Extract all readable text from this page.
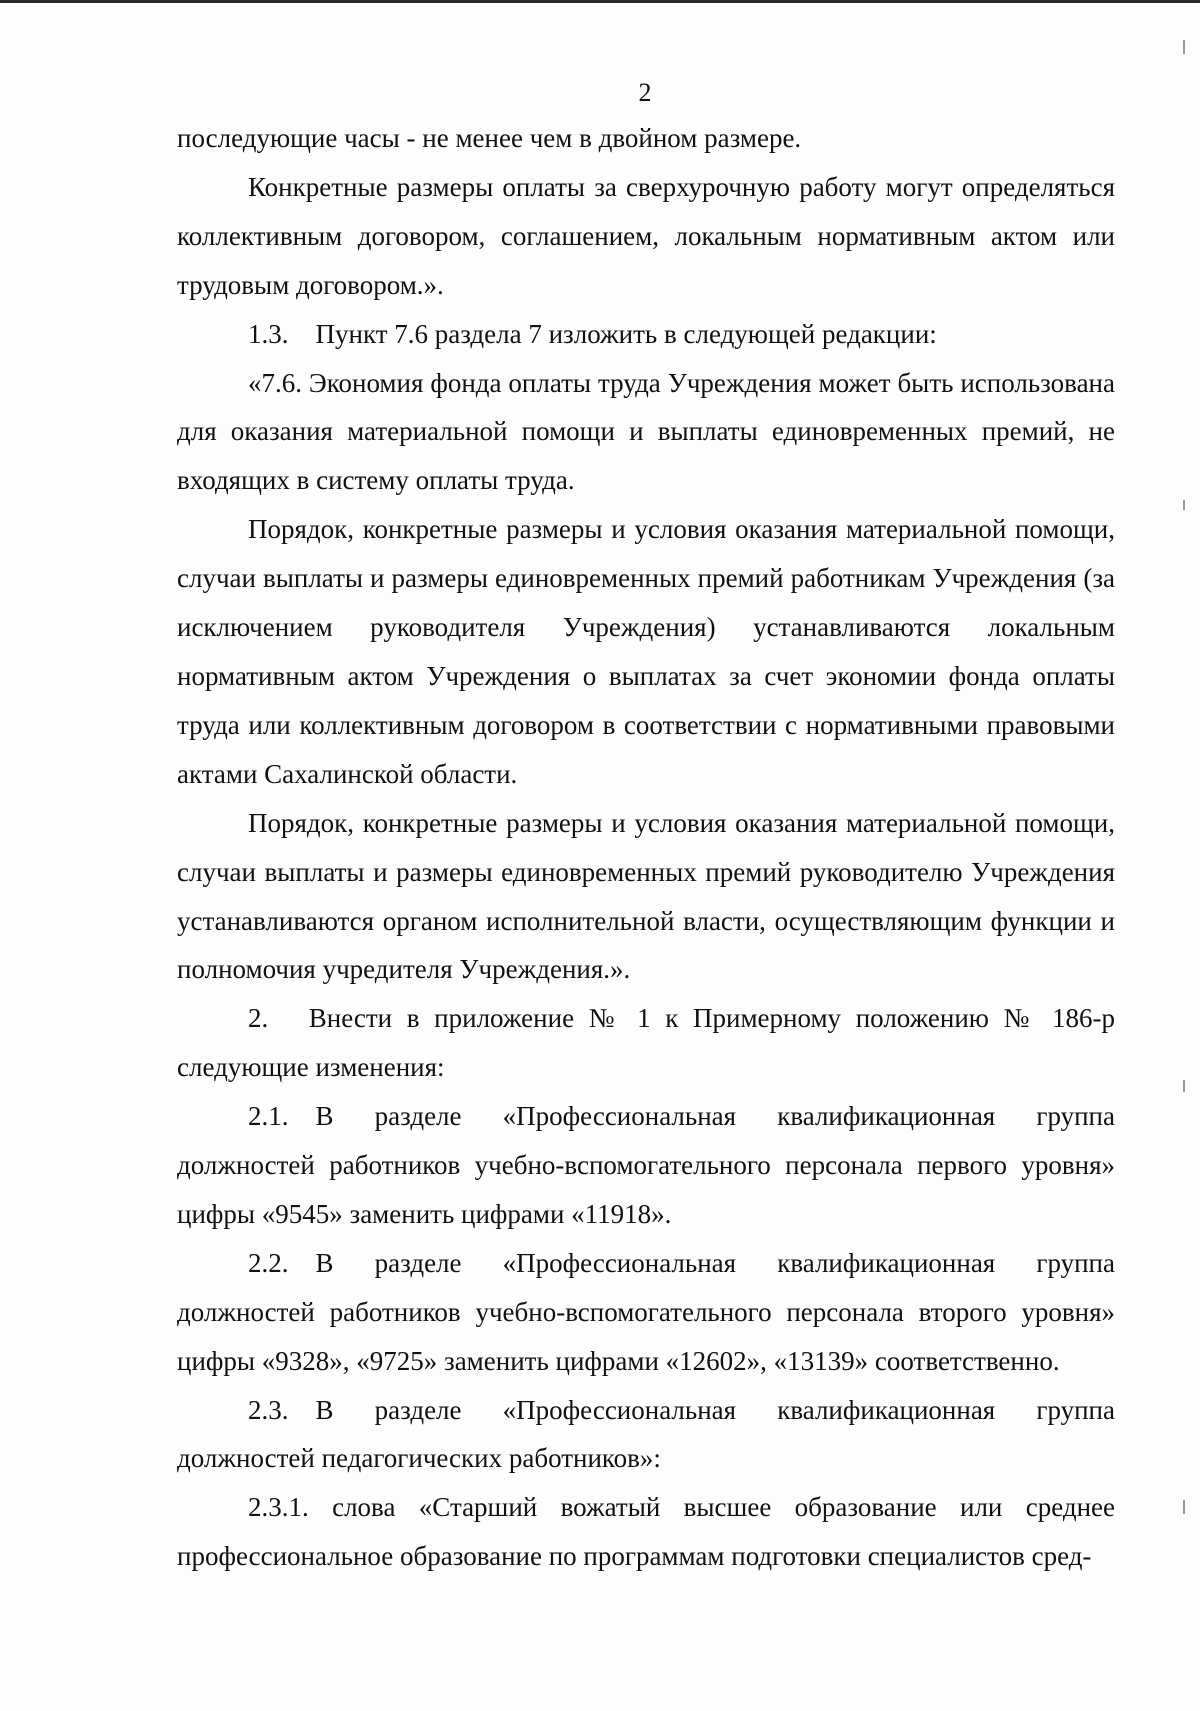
2

последующие часы - не менее чем в двойном размере.

Конкретные размеры оплаты за сверхурочную работу могут определяться коллективным договором, соглашением, локальным нормативным актом или трудовым договором.».

1.3. Пункт 7.6 раздела 7 изложить в следующей редакции:

«7.6. Экономия фонда оплаты труда Учреждения может быть использована для оказания материальной помощи и выплаты единовременных премий, не входящих в систему оплаты труда.

Порядок, конкретные размеры и условия оказания материальной помощи, случаи выплаты и размеры единовременных премий работникам Учреждения (за исключением руководителя Учреждения) устанавливаются локальным нормативным актом Учреждения о выплатах за счет экономии фонда оплаты труда или коллективным договором в соответствии с нормативными правовыми актами Сахалинской области.

Порядок, конкретные размеры и условия оказания материальной помощи, случаи выплаты и размеры единовременных премий руководителю Учреждения устанавливаются органом исполнительной власти, осуществляющим функции и полномочия учредителя Учреждения.».

2.  Внести в приложение № 1 к Примерному положению № 186-р следующие изменения:

2.1. В разделе «Профессиональная квалификационная группа должностей работников учебно-вспомогательного персонала первого уровня» цифры «9545» заменить цифрами «11918».

2.2. В разделе «Профессиональная квалификационная группа должностей работников учебно-вспомогательного персонала второго уровня» цифры «9328», «9725» заменить цифрами «12602», «13139» соответственно.

2.3. В разделе «Профессиональная квалификационная группа должностей педагогических работников»:

2.3.1. слова «Старший вожатый высшее образование или среднее профессиональное образование по программам подготовки специалистов сред-
